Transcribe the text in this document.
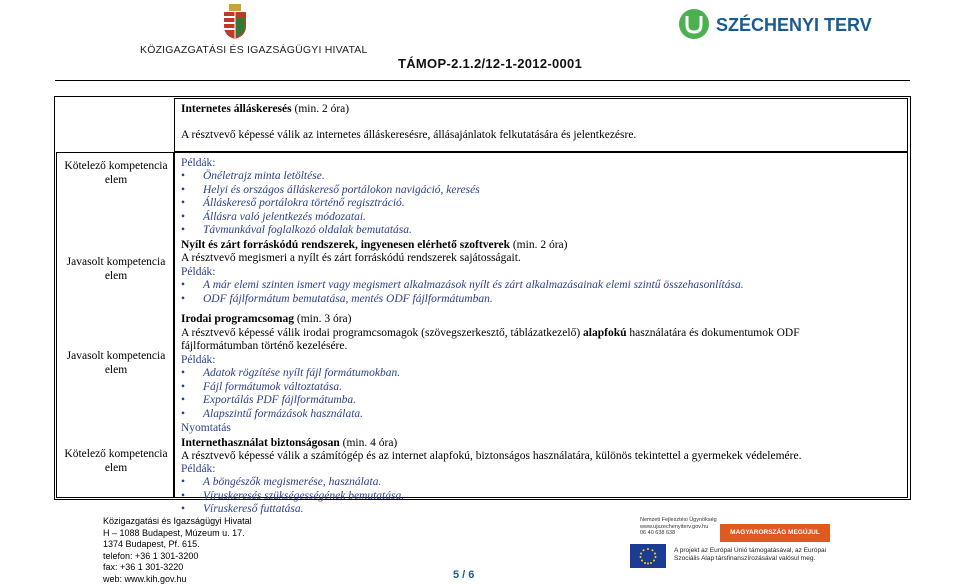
KÖZIGAZGATÁSI ÉS IGAZSÁGÜGYI HIVATAL
SZÉCHENYI TERV
TÁMOP-2.1.2/12-1-2012-0001
Internetes álláskeresés (min. 2 óra)
A résztvevő képessé válik az internetes álláskeresésre, állásajánlatok felkutatására és jelentkezésre.
Kötelező kompetencia elem
Javasolt kompetencia elem
Javasolt kompetencia elem
Kötelező kompetencia elem
Példák:
• Önéletrajz minta letöltése.
• Helyi és országos álláskereső portálokon navigáció, keresés
• Álláskereső portálokra történő regisztráció.
• Állásra való jelentkezés módozatai.
• Távmunkával foglalkozó oldalak bemutatása.
Nyílt és zárt forráskódú rendszerek, ingyenesen elérhető szoftverek (min. 2 óra)
A résztvevő megismeri a nyílt és zárt forráskódú rendszerek sajátosságait.
Példák:
• A már elemi szinten ismert vagy megismert alkalmazások nyílt és zárt alkalmazásainak elemi szintű összehasonlítása.
• ODF fájlformátum bemutatása, mentés ODF fájlformátumban.
Irodai programcsomag (min. 3 óra)
A résztvevő képessé válik irodai programcsomagok (szövegszerkesztő, táblázatkezelő) alapfokú használatára és dokumentumok ODF
fájlformátumban történő kezelésére.
Példák:
• Adatok rögzítése nyílt fájl formátumokban.
• Fájl formátumok változtatása.
• Exportálás PDF fájlformátumba.
• Alapszintű formázások használata.
Nyomtatás
Internethasználat biztonságosan (min. 4 óra)
A résztvevő képessé válik a számítógép és az internet alapfokú, biztonságos használatára, különös tekintettel a gyermekek védelemére.
Példák:
• A böngészők megismerése, használata.
• Víruskeresés szükségességének bemutatása.
• Víruskereső futtatása.
Közigazgatási és Igazságügyi Hivatal
H – 1088 Budapest, Múzeum u. 17.
1374 Budapest, Pf. 615.
telefon: +36 1 301-3200
fax: +36 1 301-3220
web: www.kih.gov.hu	5 / 6
Nemzeti Fejlesztési Ügynökség
www.ujszechenyiterv.gov.hu
06 40 638 638	MAGYARORSZÁG MEGÚJUL
A projekt az Európai Unió támogatásával, az Európai
Szociális Alap társfinanszírozásával valósul meg.
